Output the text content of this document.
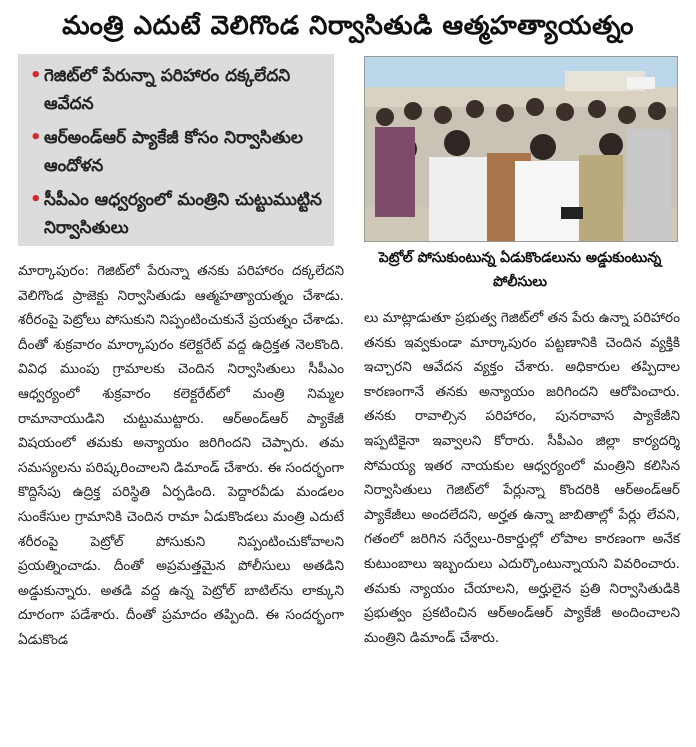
మంత్రి ఎదుటే వెలిగొండ నిర్వాసితుడి ఆత్మహత్యాయత్నం
• గెజిట్‌లో పేరున్నా పరిహారం దక్కలేదని ఆవేదన
• ఆర్‌అండ్‌ఆర్ ప్యాకేజీ కోసం నిర్వాసితుల ఆందోళన
• సీపీఎం ఆధ్వర్యంలో మంత్రిని చుట్టుముట్టిన నిర్వాసితులు
పెట్రోల్ పోసుకుంటున్న ఏడుకొండలును అడ్డుకుంటున్న పోలీసులు

మార్కాపురం: గెజిట్‌లో పేరున్నా తనకు పరిహారం దక్కలేదని వెలిగొండ ప్రాజెక్టు నిర్వాసితుడు ఆత్మహత్యాయత్నం చేశాడు. శరీరంపై పెట్రోలు పోసుకుని నిప్పంటించుకునే ప్రయత్నం చేశాడు. దీంతో శుక్రవారం మార్కాపురం కలెక్టరేట్ వద్ద ఉద్రిక్తత నెలకొంది. వివిధ ముంపు గ్రామాలకు చెందిన నిర్వాసితులు సీపీఎం ఆధ్వర్యంలో శుక్రవారం కలెక్టరేట్‌లో మంత్రి నిమ్మల రామానాయుడిని చుట్టుముట్టారు. ఆర్‌అండ్‌ఆర్ ప్యాకేజీ విషయంలో తమకు అన్యాయం జరిగిందని చెప్పారు. తమ సమస్యలను పరిష్కరించాలని డిమాండ్ చేశారు. ఈ సందర్భంగా కొద్దిసేపు ఉద్రిక్త పరిస్థితి ఏర్పడింది. పెద్దారవీడు మండలం సుంకేసుల గ్రామానికి చెందిన రామా ఏడుకొండలు మంత్రి ఎదుటే శరీరంపై పెట్రోల్ పోసుకుని నిప్పంటించుకోవాలని ప్రయత్నించాడు. దీంతో అప్రమత్తమైన పోలీసులు అతడిని అడ్డుకున్నారు. అతడి వద్ద ఉన్న పెట్రోల్ బాటిల్‌ను లాక్కుని దూరంగా పడేశారు. దీంతో ప్రమాదం తప్పింది. ఈ సందర్భంగా ఏడుకొండ

లు మాట్లాడుతూ ప్రభుత్వ గెజిట్‌లో తన పేరు ఉన్నా పరిహారం తనకు ఇవ్వకుండా మార్కాపురం పట్టణానికి చెందిన వ్యక్తికి ఇచ్చారని ఆవేదన వ్యక్తం చేశారు. అధికారుల తప్పిదాల కారణంగానే తనకు అన్యాయం జరిగిందని ఆరోపించారు. తనకు రావాల్సిన పరిహారం, పునరావాస ప్యాకేజీని ఇప్పటికైనా ఇవ్వాలని కోరారు. సీపీఎం జిల్లా కార్యదర్శి సోమయ్య ఇతర నాయకుల ఆధ్వర్యంలో మంత్రిని కలిసిన నిర్వాసితులు గెజిట్‌లో పేర్లున్నా కొందరికి ఆర్‌అండ్‌ఆర్ ప్యాకేజీలు అందలేదని, అర్హత ఉన్నా జాబితాల్లో పేర్లు లేవని, గతంలో జరిగిన సర్వేలు-రికార్డుల్లో లోపాల కారణంగా అనేక కుటుంబాలు ఇబ్బందులు ఎదుర్కొంటున్నాయని వివరించారు. తమకు న్యాయం చేయాలని, అర్హులైన ప్రతి నిర్వాసితుడికి ప్రభుత్వం ప్రకటించిన ఆర్‌అండ్‌ఆర్ ప్యాకేజీ అందించాలని మంత్రిని డిమాండ్ చేశారు.
